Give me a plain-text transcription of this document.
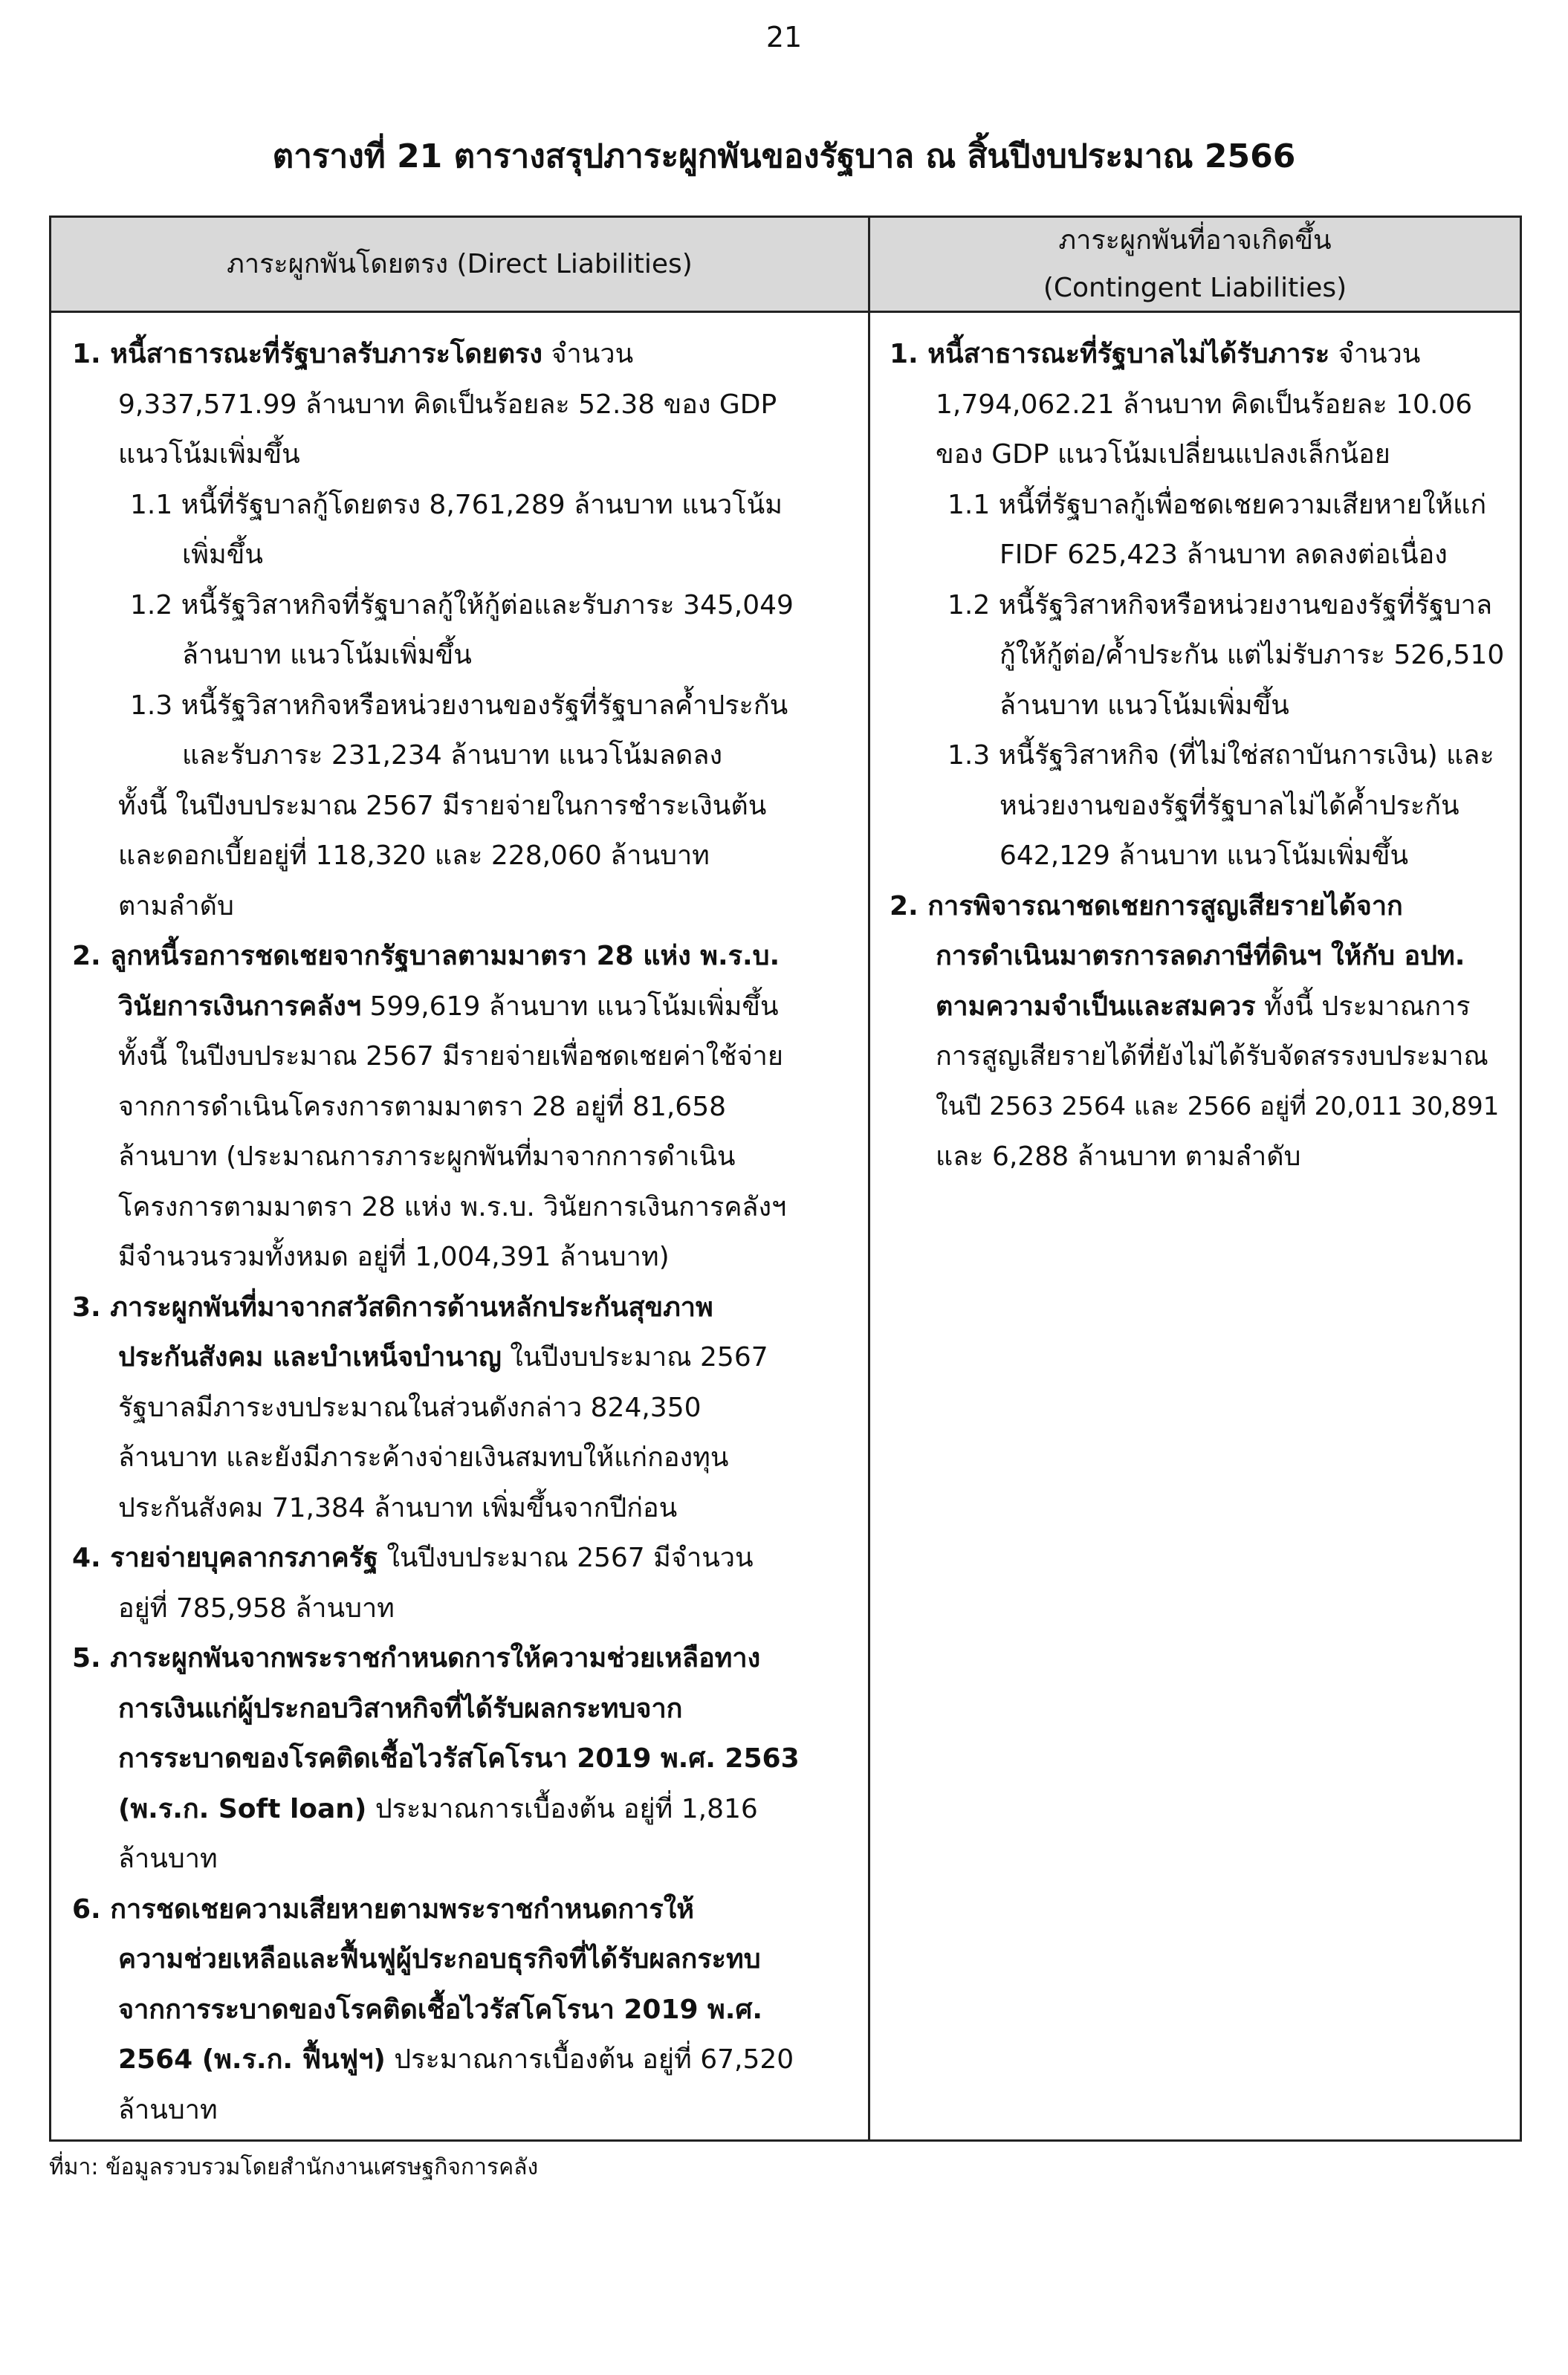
21
ตารางที่ 21 ตารางสรุปภาระผูกพันของรัฐบาล ณ สิ้นปีงบประมาณ 2566
ภาระผูกพันโดยตรง (Direct Liabilities)
ภาระผูกพันที่อาจเกิดขึ้น
(Contingent Liabilities)
1. หนี้สาธารณะที่รัฐบาลรับภาระโดยตรง จำนวน
9,337,571.99 ล้านบาท คิดเป็นร้อยละ 52.38 ของ GDP
แนวโน้มเพิ่มขึ้น
1.1 หนี้ที่รัฐบาลกู้โดยตรง 8,761,289 ล้านบาท แนวโน้ม
เพิ่มขึ้น
1.2 หนี้รัฐวิสาหกิจที่รัฐบาลกู้ให้กู้ต่อและรับภาระ 345,049
ล้านบาท แนวโน้มเพิ่มขึ้น
1.3 หนี้รัฐวิสาหกิจหรือหน่วยงานของรัฐที่รัฐบาลค้ำประกัน
และรับภาระ 231,234 ล้านบาท แนวโน้มลดลง
ทั้งนี้ ในปีงบประมาณ 2567 มีรายจ่ายในการชำระเงินต้น
และดอกเบี้ยอยู่ที่ 118,320 และ 228,060 ล้านบาท
ตามลำดับ
2. ลูกหนี้รอการชดเชยจากรัฐบาลตามมาตรา 28 แห่ง พ.ร.บ.
วินัยการเงินการคลังฯ 599,619 ล้านบาท แนวโน้มเพิ่มขึ้น
ทั้งนี้ ในปีงบประมาณ 2567 มีรายจ่ายเพื่อชดเชยค่าใช้จ่าย
จากการดำเนินโครงการตามมาตรา 28 อยู่ที่ 81,658
ล้านบาท (ประมาณการภาระผูกพันที่มาจากการดำเนิน
โครงการตามมาตรา 28 แห่ง พ.ร.บ. วินัยการเงินการคลังฯ
มีจำนวนรวมทั้งหมด อยู่ที่ 1,004,391 ล้านบาท)
3. ภาระผูกพันที่มาจากสวัสดิการด้านหลักประกันสุขภาพ
ประกันสังคม และบำเหน็จบำนาญ ในปีงบประมาณ 2567
รัฐบาลมีภาระงบประมาณในส่วนดังกล่าว 824,350
ล้านบาท และยังมีภาระค้างจ่ายเงินสมทบให้แก่กองทุน
ประกันสังคม 71,384 ล้านบาท เพิ่มขึ้นจากปีก่อน
4. รายจ่ายบุคลากรภาครัฐ ในปีงบประมาณ 2567 มีจำนวน
อยู่ที่ 785,958 ล้านบาท
5. ภาระผูกพันจากพระราชกำหนดการให้ความช่วยเหลือทาง
การเงินแก่ผู้ประกอบวิสาหกิจที่ได้รับผลกระทบจาก
การระบาดของโรคติดเชื้อไวรัสโคโรนา 2019 พ.ศ. 2563
(พ.ร.ก. Soft loan) ประมาณการเบื้องต้น อยู่ที่ 1,816
ล้านบาท
6. การชดเชยความเสียหายตามพระราชกำหนดการให้
ความช่วยเหลือและฟื้นฟูผู้ประกอบธุรกิจที่ได้รับผลกระทบ
จากการระบาดของโรคติดเชื้อไวรัสโคโรนา 2019 พ.ศ.
2564 (พ.ร.ก. ฟื้นฟูฯ) ประมาณการเบื้องต้น อยู่ที่ 67,520
ล้านบาท
1. หนี้สาธารณะที่รัฐบาลไม่ได้รับภาระ จำนวน
1,794,062.21 ล้านบาท คิดเป็นร้อยละ 10.06
ของ GDP แนวโน้มเปลี่ยนแปลงเล็กน้อย
1.1 หนี้ที่รัฐบาลกู้เพื่อชดเชยความเสียหายให้แก่
FIDF 625,423 ล้านบาท ลดลงต่อเนื่อง
1.2 หนี้รัฐวิสาหกิจหรือหน่วยงานของรัฐที่รัฐบาล
กู้ให้กู้ต่อ/ค้ำประกัน แต่ไม่รับภาระ 526,510
ล้านบาท แนวโน้มเพิ่มขึ้น
1.3 หนี้รัฐวิสาหกิจ (ที่ไม่ใช่สถาบันการเงิน) และ
หน่วยงานของรัฐที่รัฐบาลไม่ได้ค้ำประกัน
642,129 ล้านบาท แนวโน้มเพิ่มขึ้น
2. การพิจารณาชดเชยการสูญเสียรายได้จาก
การดำเนินมาตรการลดภาษีที่ดินฯ ให้กับ อปท.
ตามความจำเป็นและสมควร ทั้งนี้ ประมาณการ
การสูญเสียรายได้ที่ยังไม่ได้รับจัดสรรงบประมาณ
ในปี 2563 2564 และ 2566 อยู่ที่ 20,011 30,891
และ 6,288 ล้านบาท ตามลำดับ
ที่มา: ข้อมูลรวบรวมโดยสำนักงานเศรษฐกิจการคลัง
